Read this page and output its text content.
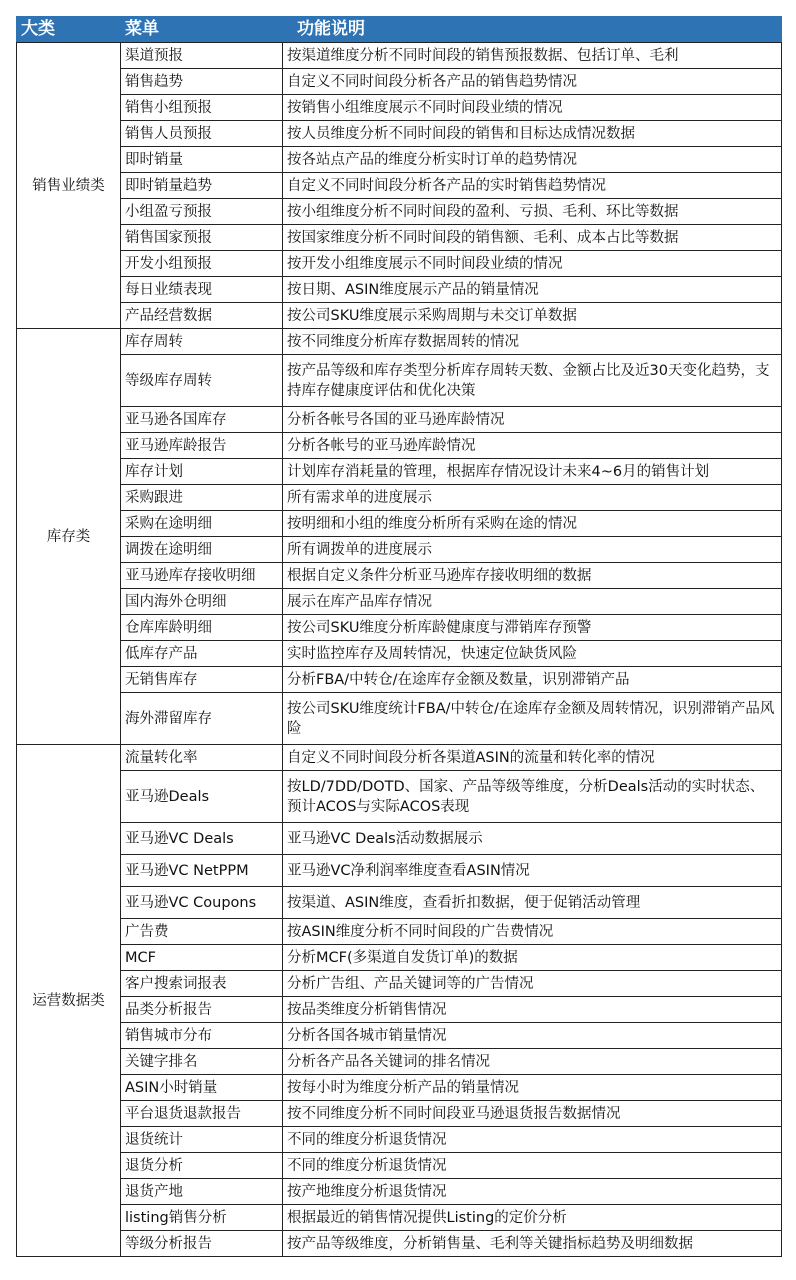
大类	菜单	功能说明
销售业绩类	渠道预报	按渠道维度分析不同时间段的销售预报数据、包括订单、毛利
	销售趋势	自定义不同时间段分析各产品的销售趋势情况
	销售小组预报	按销售小组维度展示不同时间段业绩的情况
	销售人员预报	按人员维度分析不同时间段的销售和目标达成情况数据
	即时销量	按各站点产品的维度分析实时订单的趋势情况
	即时销量趋势	自定义不同时间段分析各产品的实时销售趋势情况
	小组盈亏预报	按小组维度分析不同时间段的盈利、亏损、毛利、环比等数据
	销售国家预报	按国家维度分析不同时间段的销售额、毛利、成本占比等数据
	开发小组预报	按开发小组维度展示不同时间段业绩的情况
	每日业绩表现	按日期、ASIN维度展示产品的销量情况
	产品经营数据	按公司SKU维度展示采购周期与未交订单数据
库存类	库存周转	按不同维度分析库存数据周转的情况
	等级库存周转	按产品等级和库存类型分析库存周转天数、金额占比及近30天变化趋势，支持库存健康度评估和优化决策
	亚马逊各国库存	分析各帐号各国的亚马逊库龄情况
	亚马逊库龄报告	分析各帐号的亚马逊库龄情况
	库存计划	计划库存消耗量的管理，根据库存情况设计未来4~6月的销售计划
	采购跟进	所有需求单的进度展示
	采购在途明细	按明细和小组的维度分析所有采购在途的情况
	调拨在途明细	所有调拨单的进度展示
	亚马逊库存接收明细	根据自定义条件分析亚马逊库存接收明细的数据
	国内海外仓明细	展示在库产品库存情况
	仓库库龄明细	按公司SKU维度分析库龄健康度与滞销库存预警
	低库存产品	实时监控库存及周转情况，快速定位缺货风险
	无销售库存	分析FBA/中转仓/在途库存金额及数量，识别滞销产品
	海外滞留库存	按公司SKU维度统计FBA/中转仓/在途库存金额及周转情况，识别滞销产品风险
运营数据类	流量转化率	自定义不同时间段分析各渠道ASIN的流量和转化率的情况
	亚马逊Deals	按LD/7DD/DOTD、国家、产品等级等维度，分析Deals活动的实时状态、预计ACOS与实际ACOS表现
	亚马逊VC Deals	亚马逊VC Deals活动数据展示
	亚马逊VC NetPPM	亚马逊VC净利润率维度查看ASIN情况
	亚马逊VC Coupons	按渠道、ASIN维度，查看折扣数据，便于促销活动管理
	广告费	按ASIN维度分析不同时间段的广告费情况
	MCF	分析MCF(多渠道自发货订单)的数据
	客户搜索词报表	分析广告组、产品关键词等的广告情况
	品类分析报告	按品类维度分析销售情况
	销售城市分布	分析各国各城市销量情况
	关键字排名	分析各产品各关键词的排名情况
	ASIN小时销量	按每小时为维度分析产品的销量情况
	平台退货退款报告	按不同维度分析不同时间段亚马逊退货报告数据情况
	退货统计	不同的维度分析退货情况
	退货分析	不同的维度分析退货情况
	退货产地	按产地维度分析退货情况
	listing销售分析	根据最近的销售情况提供Listing的定价分析
	等级分析报告	按产品等级维度，分析销售量、毛利等关键指标趋势及明细数据
